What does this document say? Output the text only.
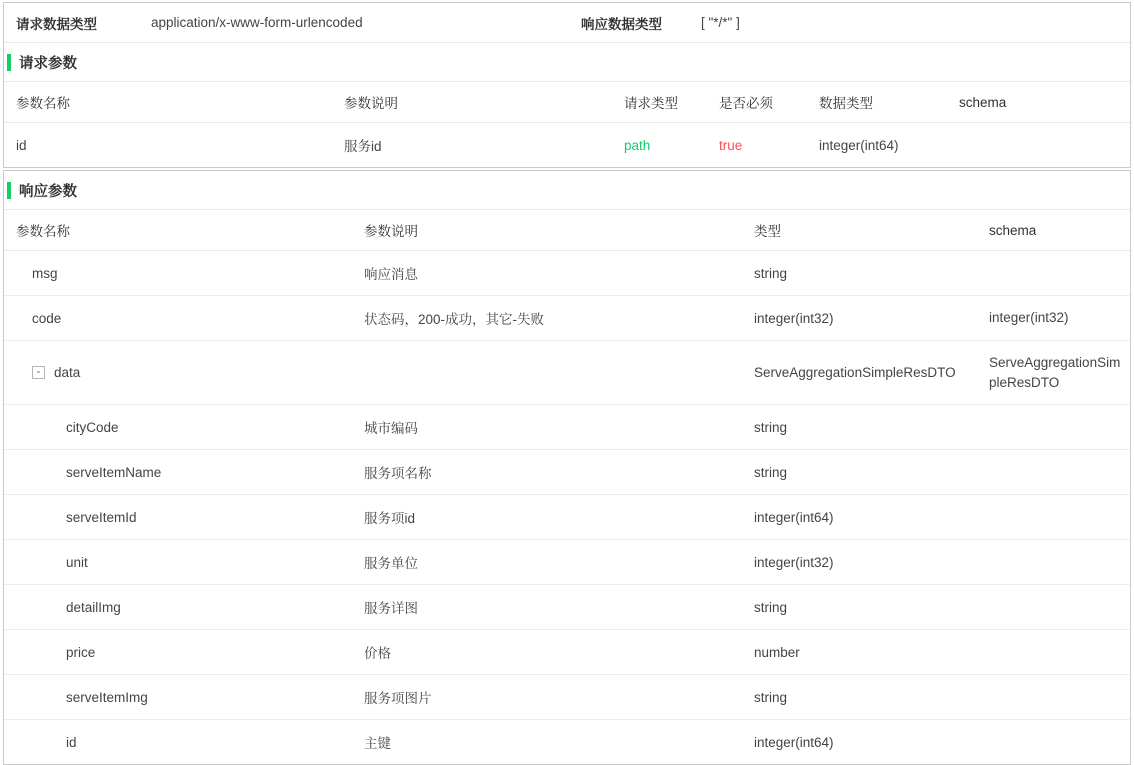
请求数据类型	application/x-www-form-urlencoded	响应数据类型	[ "*/*" ]
请求参数
参数名称	参数说明	请求类型	是否必须	数据类型	schema
id	服务id	path	true	integer(int64)	
响应参数
参数名称	参数说明	类型	schema
msg	响应消息	string	
code	状态码，200-成功，其它-失败	integer(int32)	integer(int32)

- data		ServeAggregationSimpleResDTO	ServeAggregationSimpleResDTO
cityCode	城市编码	string	
serveItemName	服务项名称	string	
serveItemId	服务项id	integer(int64)	
unit	服务单位	integer(int32)	
detailImg	服务详图	string	
price	价格	number	
serveItemImg	服务项图片	string	
id	主键	integer(int64)	
